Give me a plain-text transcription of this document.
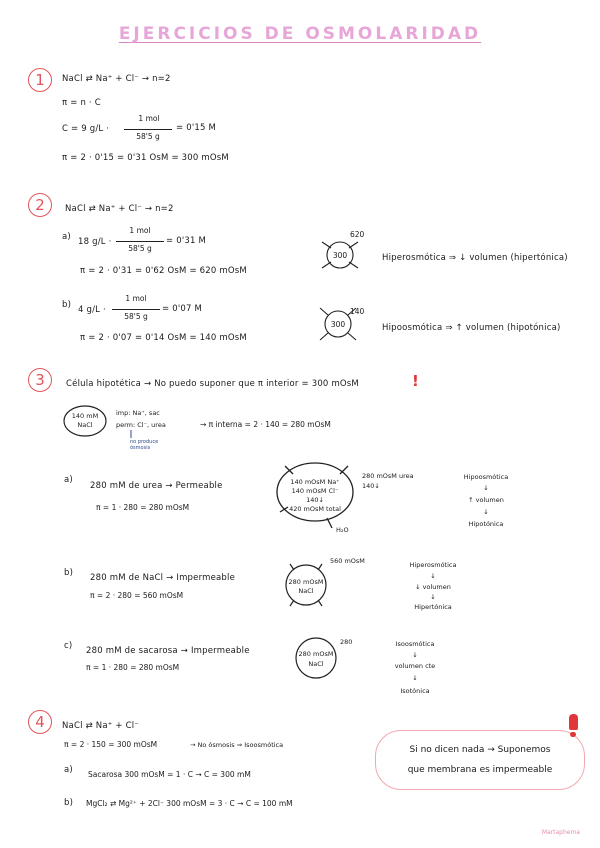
EJERCICIOS DE OSMOLARIDAD
1	NaCl ⇄ Na⁺ + Cl⁻ → n=2
π = n · C
C = 9 g/L ·
1 mol
58'5 g
= 0'15 M
π = 2 · 0'15 = 0'31 OsM = 300 mOsM
2	NaCl ⇄ Na⁺ + Cl⁻ → n=2
a) 18 g/L ·
1 mol
58'5 g
= 0'31 M
π = 2 · 0'31 = 0'62 OsM = 620 mOsM
300
620
Hiperosmótica ⇒ ↓ volumen (hipertónica)
b) 4 g/L ·
1 mol
58'5 g
= 0'07 M
π = 2 · 0'07 = 0'14 OsM = 140 mOsM
300
140
Hipoosmótica ⇒ ↑ volumen (hipotónica)
3	Célula hipotética → No puedo suponer que π interior = 300 mOsM	!
140 mM
NaCl
imp: Na⁺, sac
perm: Cl⁻, urea
no produce ósmosis
→ π interna = 2 · 140 = 280 mOsM
a)
280 mM de urea → Permeable
π = 1 · 280 = 280 mOsM
140 mOsM Na⁺
140 mOsM Cl⁻
140↓
420 mOsM total
280 mOsM urea
140↓
H₂O
Hipoosmótica
↓
↑ volumen
↓
Hipotónica
b) 280 mM de NaCl → Impermeable
π = 2 · 280 = 560 mOsM
280 mOsM
NaCl
560 mOsM	Hiperosmótica
↓
↓ volumen
↓
Hipertónica
c) 280 mM de sacarosa → Impermeable
π = 1 · 280 = 280 mOsM
280 mOsM
NaCl
280	Isoosmótica
↓
volumen cte
↓
Isotónica
4	NaCl ⇄ Na⁺ + Cl⁻
π = 2 · 150 = 300 mOsM	→ No ósmosis ⇒ Isoosmótica
a) Sacarosa 300 mOsM = 1 · C → C = 300 mM
b) MgCl₂ ⇄ Mg²⁺ + 2Cl⁻ 300 mOsM = 3 · C → C = 100 mM
Si no dicen nada → Suponemos
que membrana es impermeable
Martaphema
